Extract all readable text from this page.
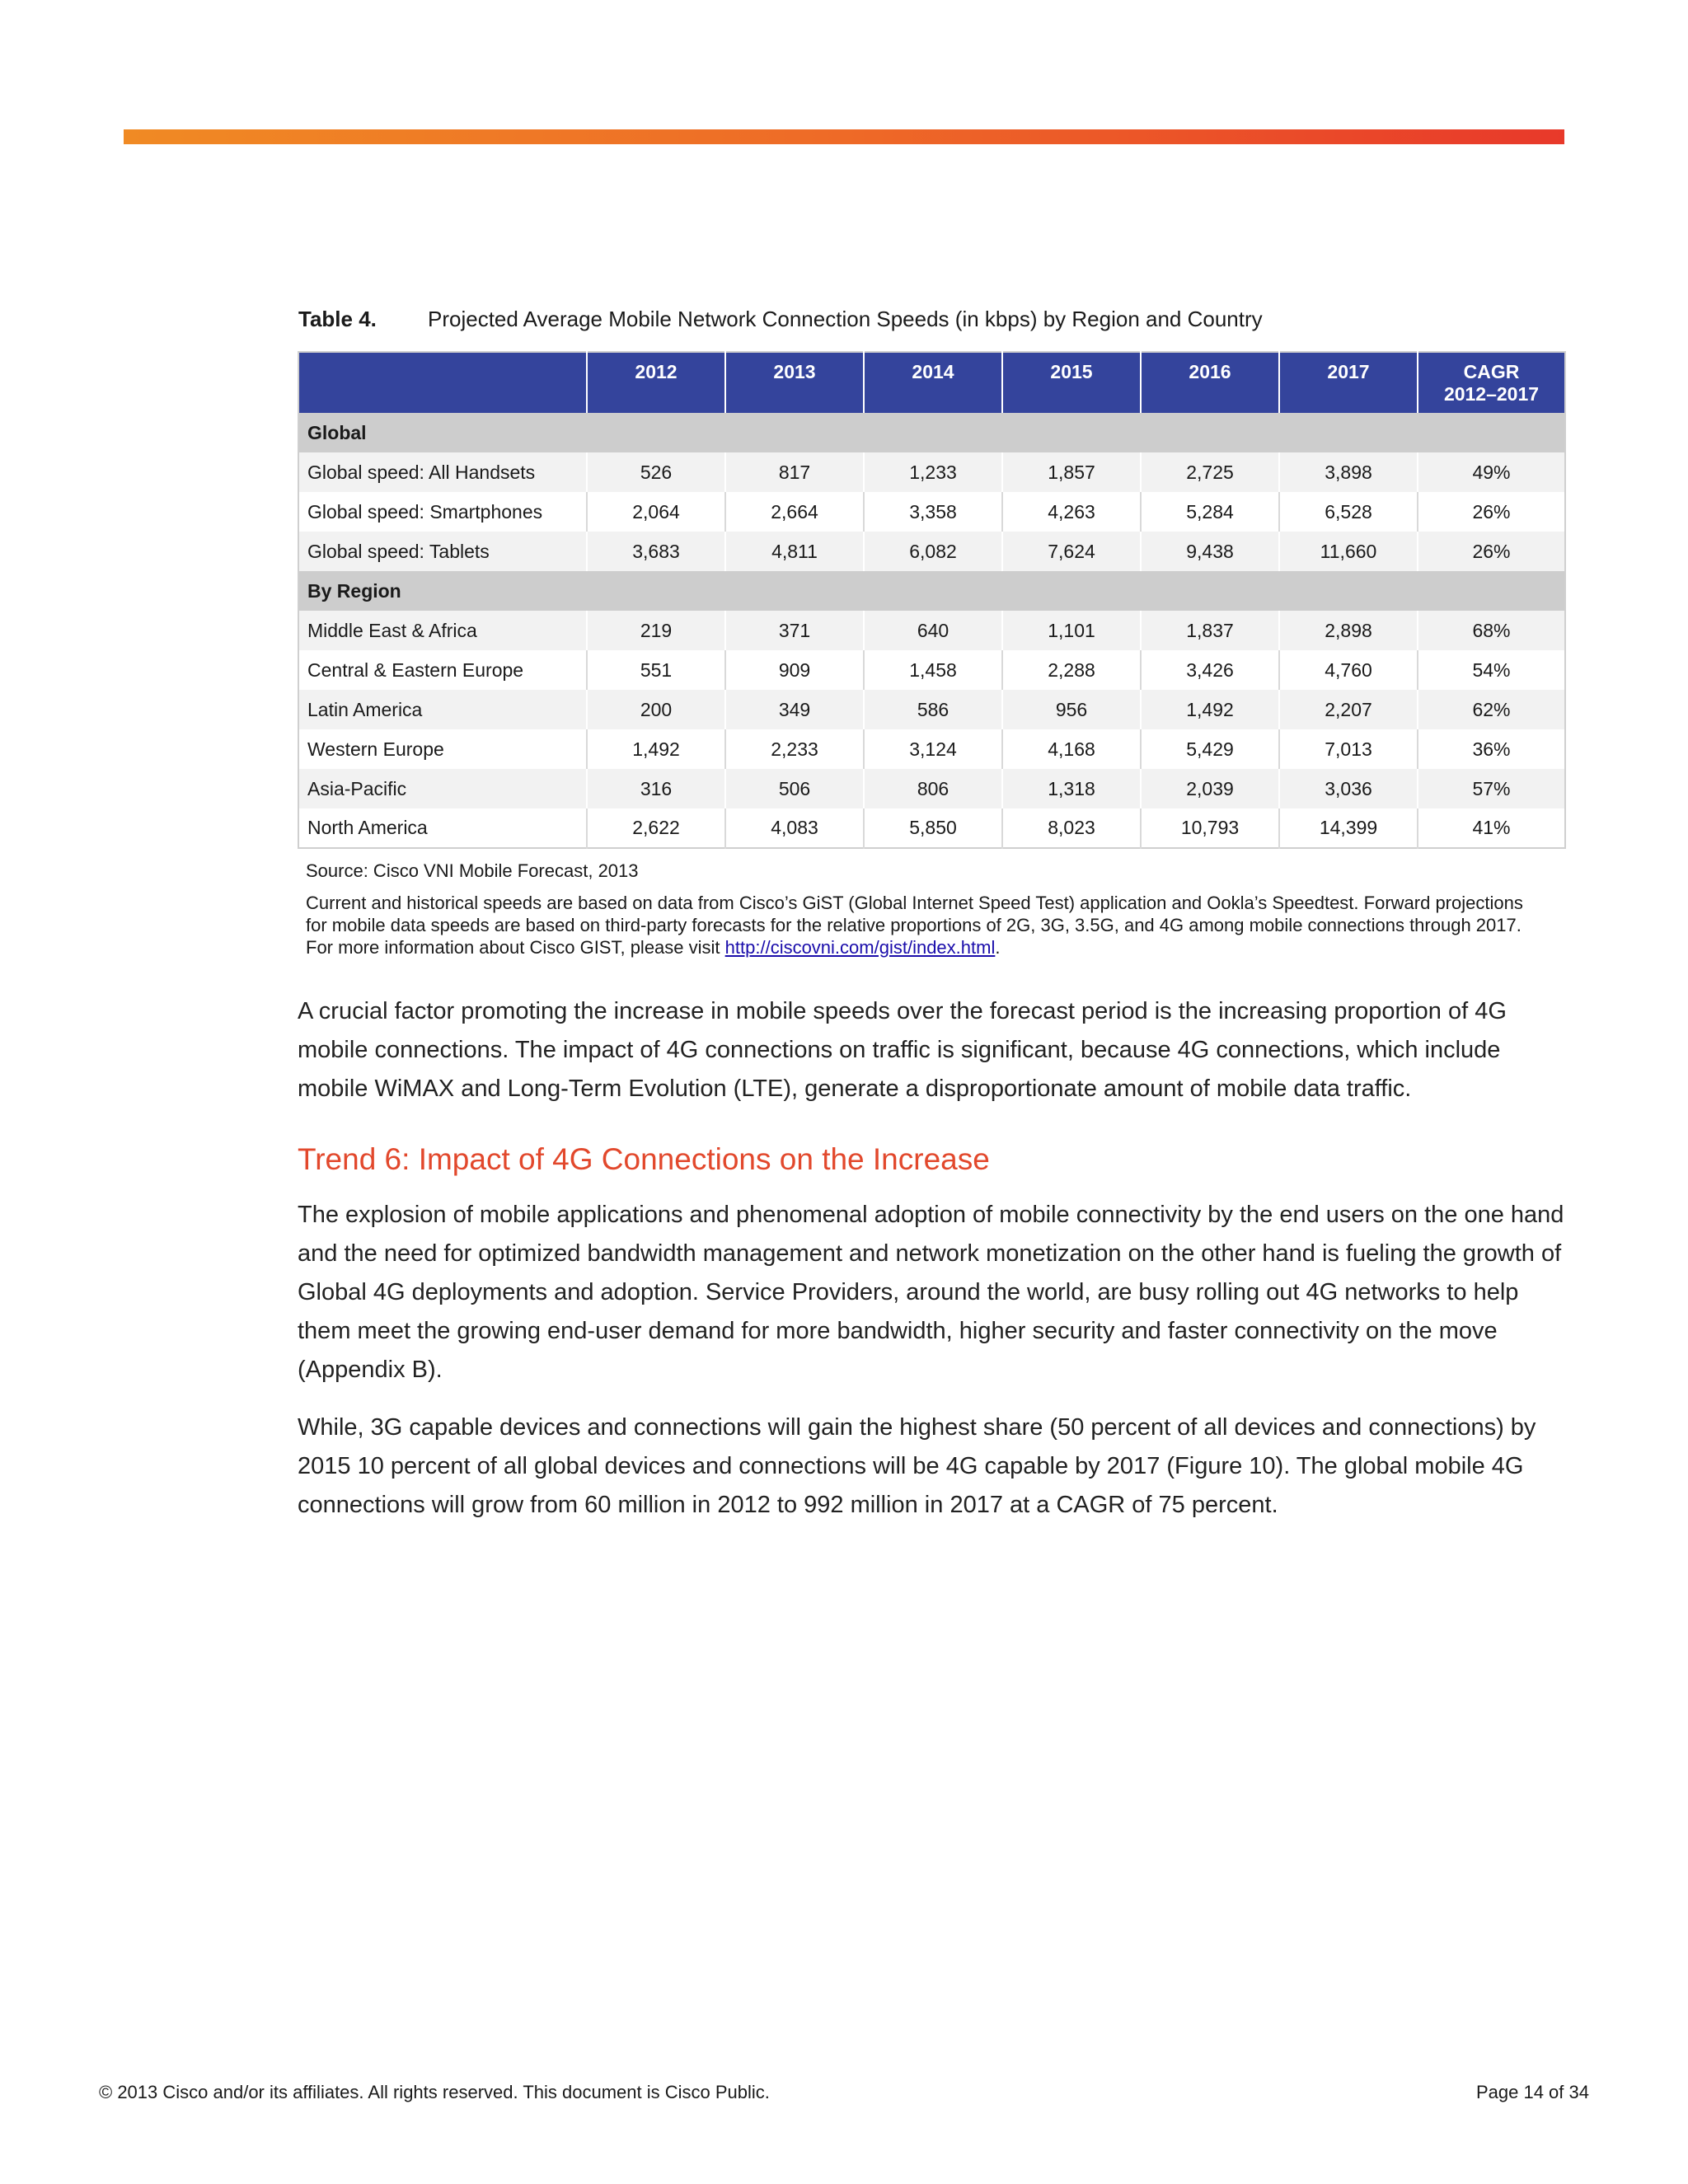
Table 4. Projected Average Mobile Network Connection Speeds (in kbps) by Region and Country
	2012	2013	2014	2015	2016	2017	CAGR
2012–2017
Global							
Global speed: All Handsets	526	817	1,233	1,857	2,725	3,898	49%
Global speed: Smartphones	2,064	2,664	3,358	4,263	5,284	6,528	26%
Global speed: Tablets	3,683	4,811	6,082	7,624	9,438	11,660	26%
By Region							
Middle East & Africa	219	371	640	1,101	1,837	2,898	68%
Central & Eastern Europe	551	909	1,458	2,288	3,426	4,760	54%
Latin America	200	349	586	956	1,492	2,207	62%
Western Europe	1,492	2,233	3,124	4,168	5,429	7,013	36%
Asia-Pacific	316	506	806	1,318	2,039	3,036	57%
North America	2,622	4,083	5,850	8,023	10,793	14,399	41%
Source: Cisco VNI Mobile Forecast, 2013
Current and historical speeds are based on data from Cisco’s GiST (Global Internet Speed Test) application and Ookla’s Speedtest. Forward projections for mobile data speeds are based on third-party forecasts for the relative proportions of 2G, 3G, 3.5G, and 4G among mobile connections through 2017. For more information about Cisco GIST, please visit http://ciscovni.com/gist/index.html.

A crucial factor promoting the increase in mobile speeds over the forecast period is the increasing proportion of 4G mobile connections. The impact of 4G connections on traffic is significant, because 4G connections, which include mobile WiMAX and Long-Term Evolution (LTE), generate a disproportionate amount of mobile data traffic.

Trend 6: Impact of 4G Connections on the Increase

The explosion of mobile applications and phenomenal adoption of mobile connectivity by the end users on the one hand and the need for optimized bandwidth management and network monetization on the other hand is fueling the growth of Global 4G deployments and adoption. Service Providers, around the world, are busy rolling out 4G networks to help them meet the growing end-user demand for more bandwidth, higher security and faster connectivity on the move (Appendix B).

While, 3G capable devices and connections will gain the highest share (50 percent of all devices and connections) by 2015 10 percent of all global devices and connections will be 4G capable by 2017 (Figure 10). The global mobile 4G connections will grow from 60 million in 2012 to 992 million in 2017 at a CAGR of 75 percent.

© 2013 Cisco and/or its affiliates. All rights reserved. This document is Cisco Public.	Page 14 of 34
